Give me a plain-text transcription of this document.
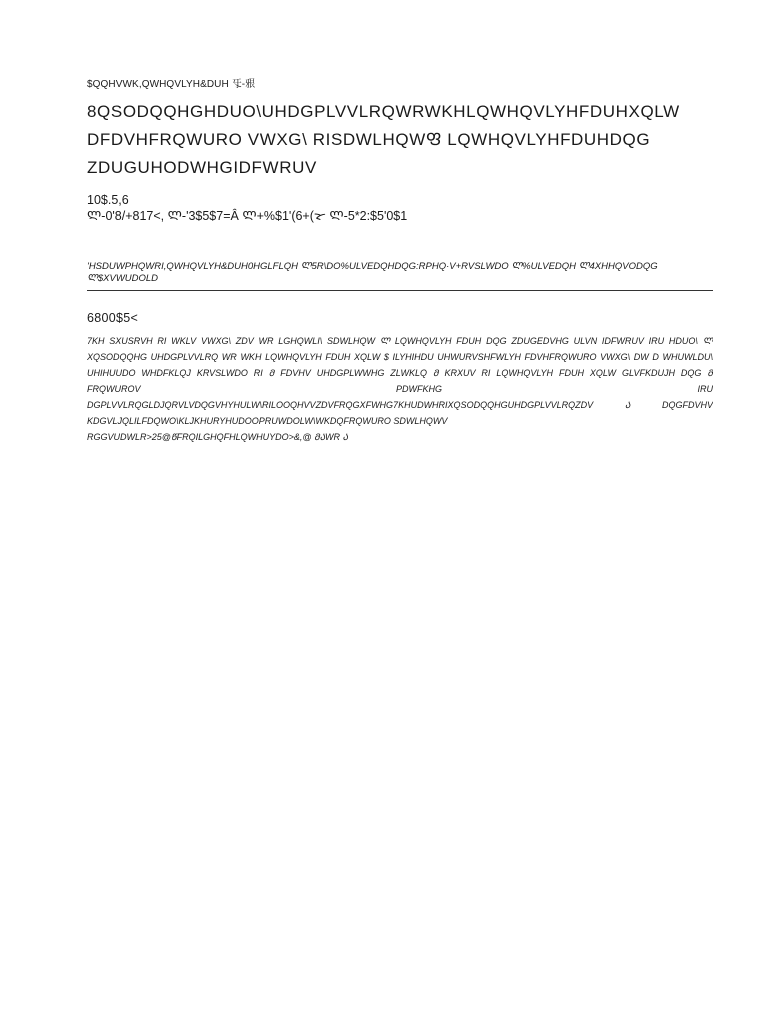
$QQHVWK,QWHQVLYH&DUH 㸦-㸧
8QSODQQHGHDUO\UHDGPLVVLRQWRWKHLQWHQVLYHFDUHXQLW
DFDVHFRQWURO VWXG\ RISDWLHQWᲤ LQWHQVLYHFDUHDQG
ZDUGUHODWHGIDFWRUV
10$.5,6
Ლ-0'8/+817<, Ლ-'3$5$7=Â Ლ+%$1'(6+(ᯘ Ლ-5*2:$5'0$1
'HSDUWPHQWRI,QWHQVLYH&DUH0HGLFLQH Ლ5R\DO%ULVEDQHDQG:RPHQ·V+RVSLWDO Ლ%ULVEDQH Ლ4XHHQVODQG
Ლ$XVWUDOLD
6800$5<
7KH SXUSRVH RI WKLV VWXG\ ZDV WR LGHQWLI\ SDWLHQW Ლ LQWHQVLYH FDUH DQG ZDUGEDVHG ULVN IDFWRUV IRU HDUO\ Ლ
XQSODQQHG UHDGPLVVLRQ WR WKH LQWHQVLYH FDUH XQLW $ ILYHIHDU UHWURVSHFWLYH FDVHFRQWURO VWXG\ DW D WHUWLDU\
UHIHUUDO WHDFKLQJ KRVSLWDO RI Მ FDVHV UHDGPLWWHG ZLWKLQ Მ KRXUV RI LQWHQVLYH FDUH XQLW GLVFKDUJH DQG Მ
FRQWUROV PDWFKHG IRU
DGPLVVLRQGLDJQRVLVDQGVHYHULW\RILOOQHVVZDVFRQGXFWHG7KHUDWHRIXQSODQQHGUHDGPLVVLRQZDV Ა DQGFDVHV
KDGVLJQLILFDQWO\KLJKHURYHUDOOPRUWDOLW\WKDQFRQWURO SDWLHQWV
RGGVUDWLR>25@ᲬFRQILGHQFHLQWHUYDO>&,@ ᲛᲐWR Ა
